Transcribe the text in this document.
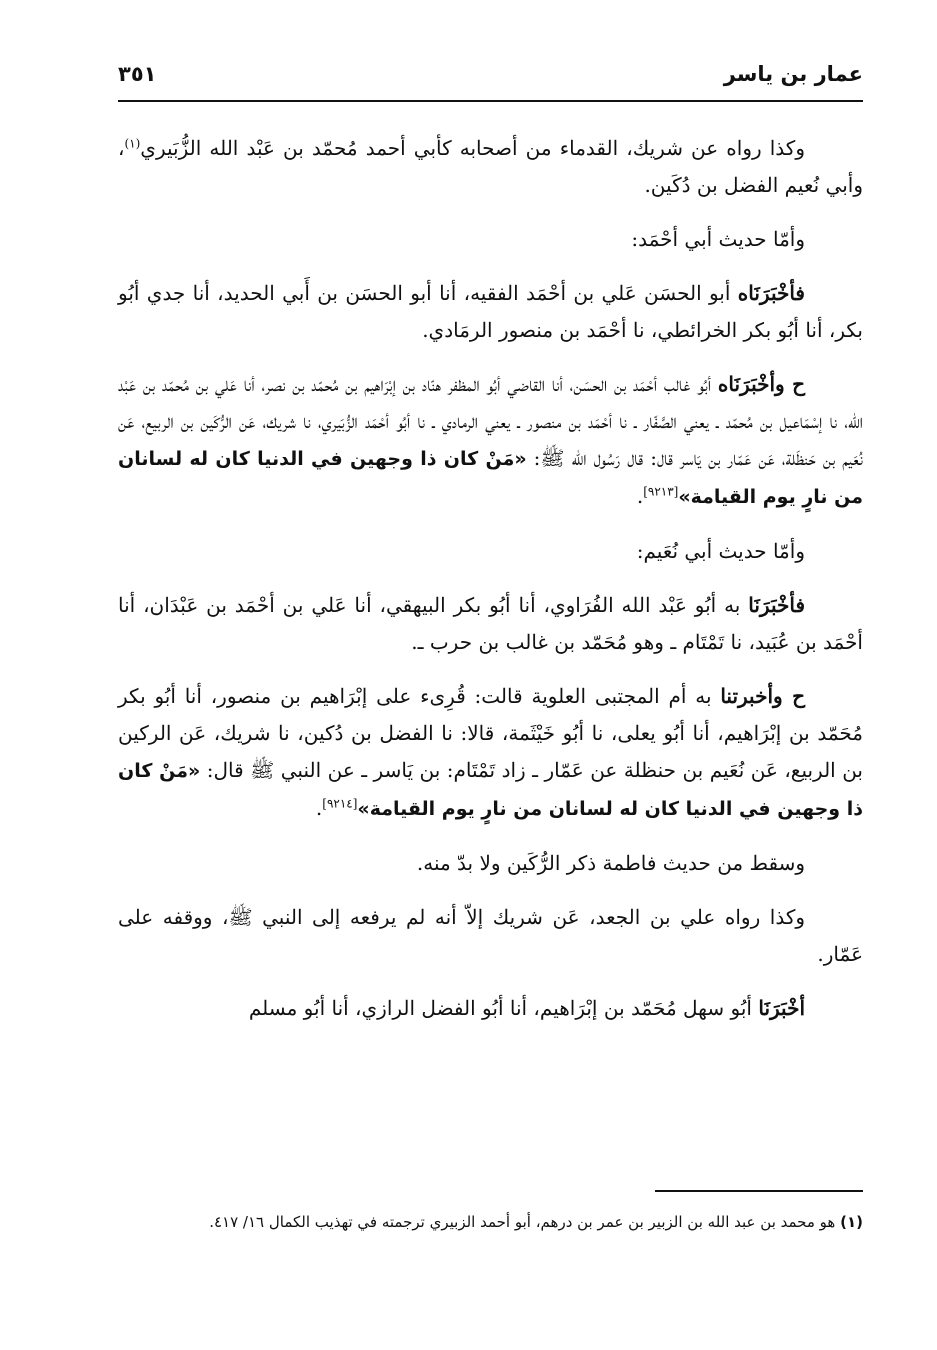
عمار بن ياسر
٣٥١

وكذا رواه عن شريك، القدماء من أصحابه كأبي أحمد مُحمّد بن عَبْد الله الزُّبَيري$^{(١)}$، وأبي نُعيم الفضل بن دُكَين.

وأمّا حديث أبي أحْمَد:

فأخْبَرَنَاه أبو الحسَن عَلي بن أحْمَد الفقيه، أنا أبو الحسَن بن أَبي الحديد، أنا جدي أبُو بكر، أنا أبُو بكر الخرائطي، نا أحْمَد بن منصور الرمَادي.

ح وأخْبَرَنَاه أبُو غالب أحْمَد بن الحسَن، أنا القاضي أبُو المظفر هنّاد بن إبْرَاهيم بن مُحمّد بن نصر، أنا عَلي بن مُحمّد بن عَبْد الله، نا إسْمَاعيل بن مُحمّد ـ يعني الصَّفّار ـ نا أحْمَد بن منصور ـ يعني الرمادي ـ نا أبُو أحْمَد الزُّبَيري، نا شريك، عَن الرُّكَين بن الربيع، عَن نُعَيم بن حَنظَلة، عَن عَمّار بن يَاسر قال: قال رَسُول الله ﷺ: «مَنْ كان ذا وجهين في الدنيا كان له لسانان من نارٍ يوم القيامة»[٩٢١٣].

وأمّا حديث أبي نُعَيم:

فأخْبَرَنَا به أبُو عَبْد الله الفُرَاوي، أنا أبُو بكر البيهقي، أنا عَلي بن أحْمَد بن عَبْدَان، أنا أحْمَد بن عُبَيد، نا تَمْتَام ـ وهو مُحَمّد بن غالب بن حرب ـ.

ح وأخبرتنا به أم المجتبى العلوية قالت: قُرِىء على إبْرَاهيم بن منصور، أنا أبُو بكر مُحَمّد بن إبْرَاهيم، أنا أبُو يعلى، نا أبُو خَيْثَمة، قالا: نا الفضل بن دُكين، نا شريك، عَن الركين بن الربيع، عَن نُعَيم بن حنظلة عن عَمّار ـ زاد تَمْتَام: بن يَاسر ـ عن النبي ﷺ قال: «مَنْ كان ذا وجهين في الدنيا كان له لسانان من نارٍ يوم القيامة»[٩٢١٤].

وسقط من حديث فاطمة ذكر الرُّكَين ولا بدّ منه.

وكذا رواه علي بن الجعد، عَن شريك إلاّ أنه لم يرفعه إلى النبي ﷺ، ووقفه على عَمّار.

أخْبَرَنَا أبُو سهل مُحَمّد بن إبْرَاهيم، أنا أبُو الفضل الرازي، أنا أبُو مسلم

(١) هو محمد بن عبد الله بن الزبير بن عمر بن درهم، أبو أحمد الزبيري ترجمته في تهذيب الكمال ١٦/ ٤١٧.
